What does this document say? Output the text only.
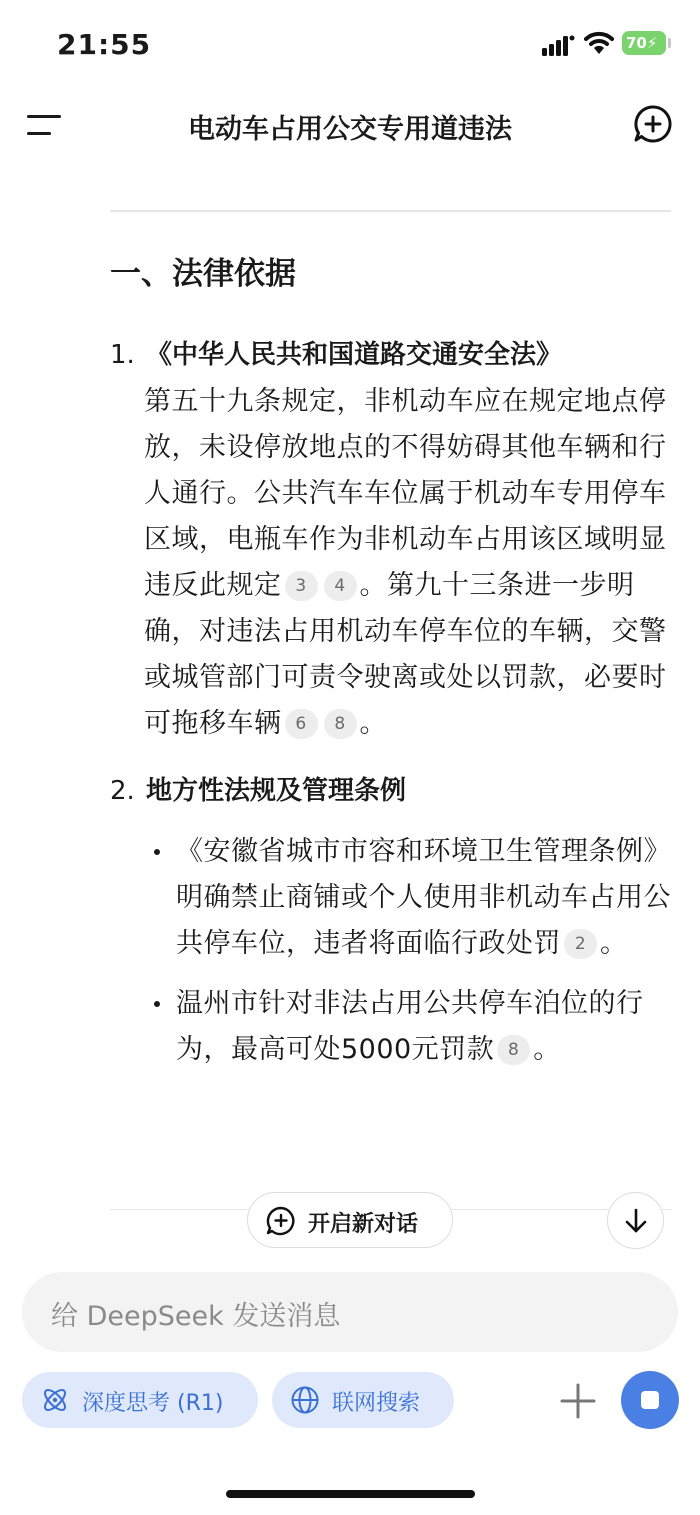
21:55	70⚡
电动车占用公交专用道违法
一、法律依据
1. 《中华人民共和国道路交通安全法》
第五十九条规定，非机动车应在规定地点停放，未设停放地点的不得妨碍其他车辆和行人通行。公共汽车车位属于机动车专用停车区域，电瓶车作为非机动车占用该区域明显违反此规定 3 4 。第九十三条进一步明确，对违法占用机动车停车位的车辆，交警或城管部门可责令驶离或处以罚款，必要时可拖移车辆 6 8 。
2. 地方性法规及管理条例
《安徽省城市市容和环境卫生管理条例》明确禁止商铺或个人使用非机动车占用公共停车位，违者将面临行政处罚 2 。
温州市针对非法占用公共停车泊位的行为，最高可处5000元罚款 8 。
开启新对话
给 DeepSeek 发送消息
深度思考 (R1)	联网搜索
